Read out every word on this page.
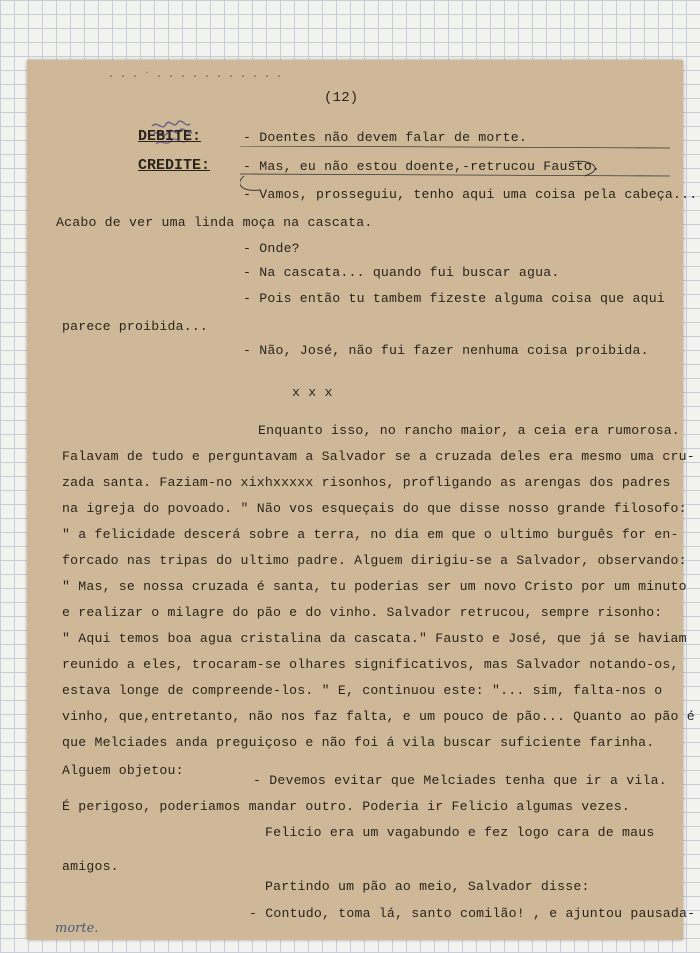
· · · ´ · · · · · · · · · · ·
(12)
DEBITE:
CREDITE:
- Doentes não devem falar de morte.
- Mas, eu não estou doente,-retrucou Fausto.
- Vamos, prosseguiu, tenho aqui uma coisa pela cabeça...
Acabo de ver uma linda moça na cascata.
- Onde?
- Na cascata... quando fui buscar agua.
- Pois então tu tambem fizeste alguma coisa que aqui
parece proibida...
- Não, José, não fui fazer nenhuma coisa proibida.
x x x
Enquanto isso, no rancho maior, a ceia era rumorosa.
Falavam de tudo e perguntavam a Salvador se a cruzada deles era mesmo uma cru-
zada santa. Faziam-no xixhxxxxx risonhos, profligando as arengas dos padres
na igreja do povoado. " Não vos esqueçais do que disse nosso grande filosofo:
" a felicidade descerá sobre a terra, no dia em que o ultimo burguês for en-
forcado nas tripas do ultimo padre. Alguem dirigiu-se a Salvador, observando:
" Mas, se nossa cruzada é santa, tu poderias ser um novo Cristo por um minuto
e realizar o milagre do pão e do vinho. Salvador retrucou, sempre risonho:
" Aqui temos boa agua cristalina da cascata." Fausto e José, que já se haviam
reunido a eles, trocaram-se olhares significativos, mas Salvador notando-os,
estava longe de compreende-los. " E, continuou este: "... sim, falta-nos o
vinho, que,entretanto, não nos faz falta, e um pouco de pão... Quanto ao pão é
que Melciades anda preguiçoso e não foi á vila buscar suficiente farinha.
Alguem objetou:
- Devemos evitar que Melciades tenha que ir a vila.
É perigoso, poderiamos mandar outro. Poderia ir Felicio algumas vezes.
Felicio era um vagabundo e fez logo cara de maus
amigos.
Partindo um pão ao meio, Salvador disse:
- Contudo, toma lá, santo comilão! , e ajuntou pausada-
morte.
